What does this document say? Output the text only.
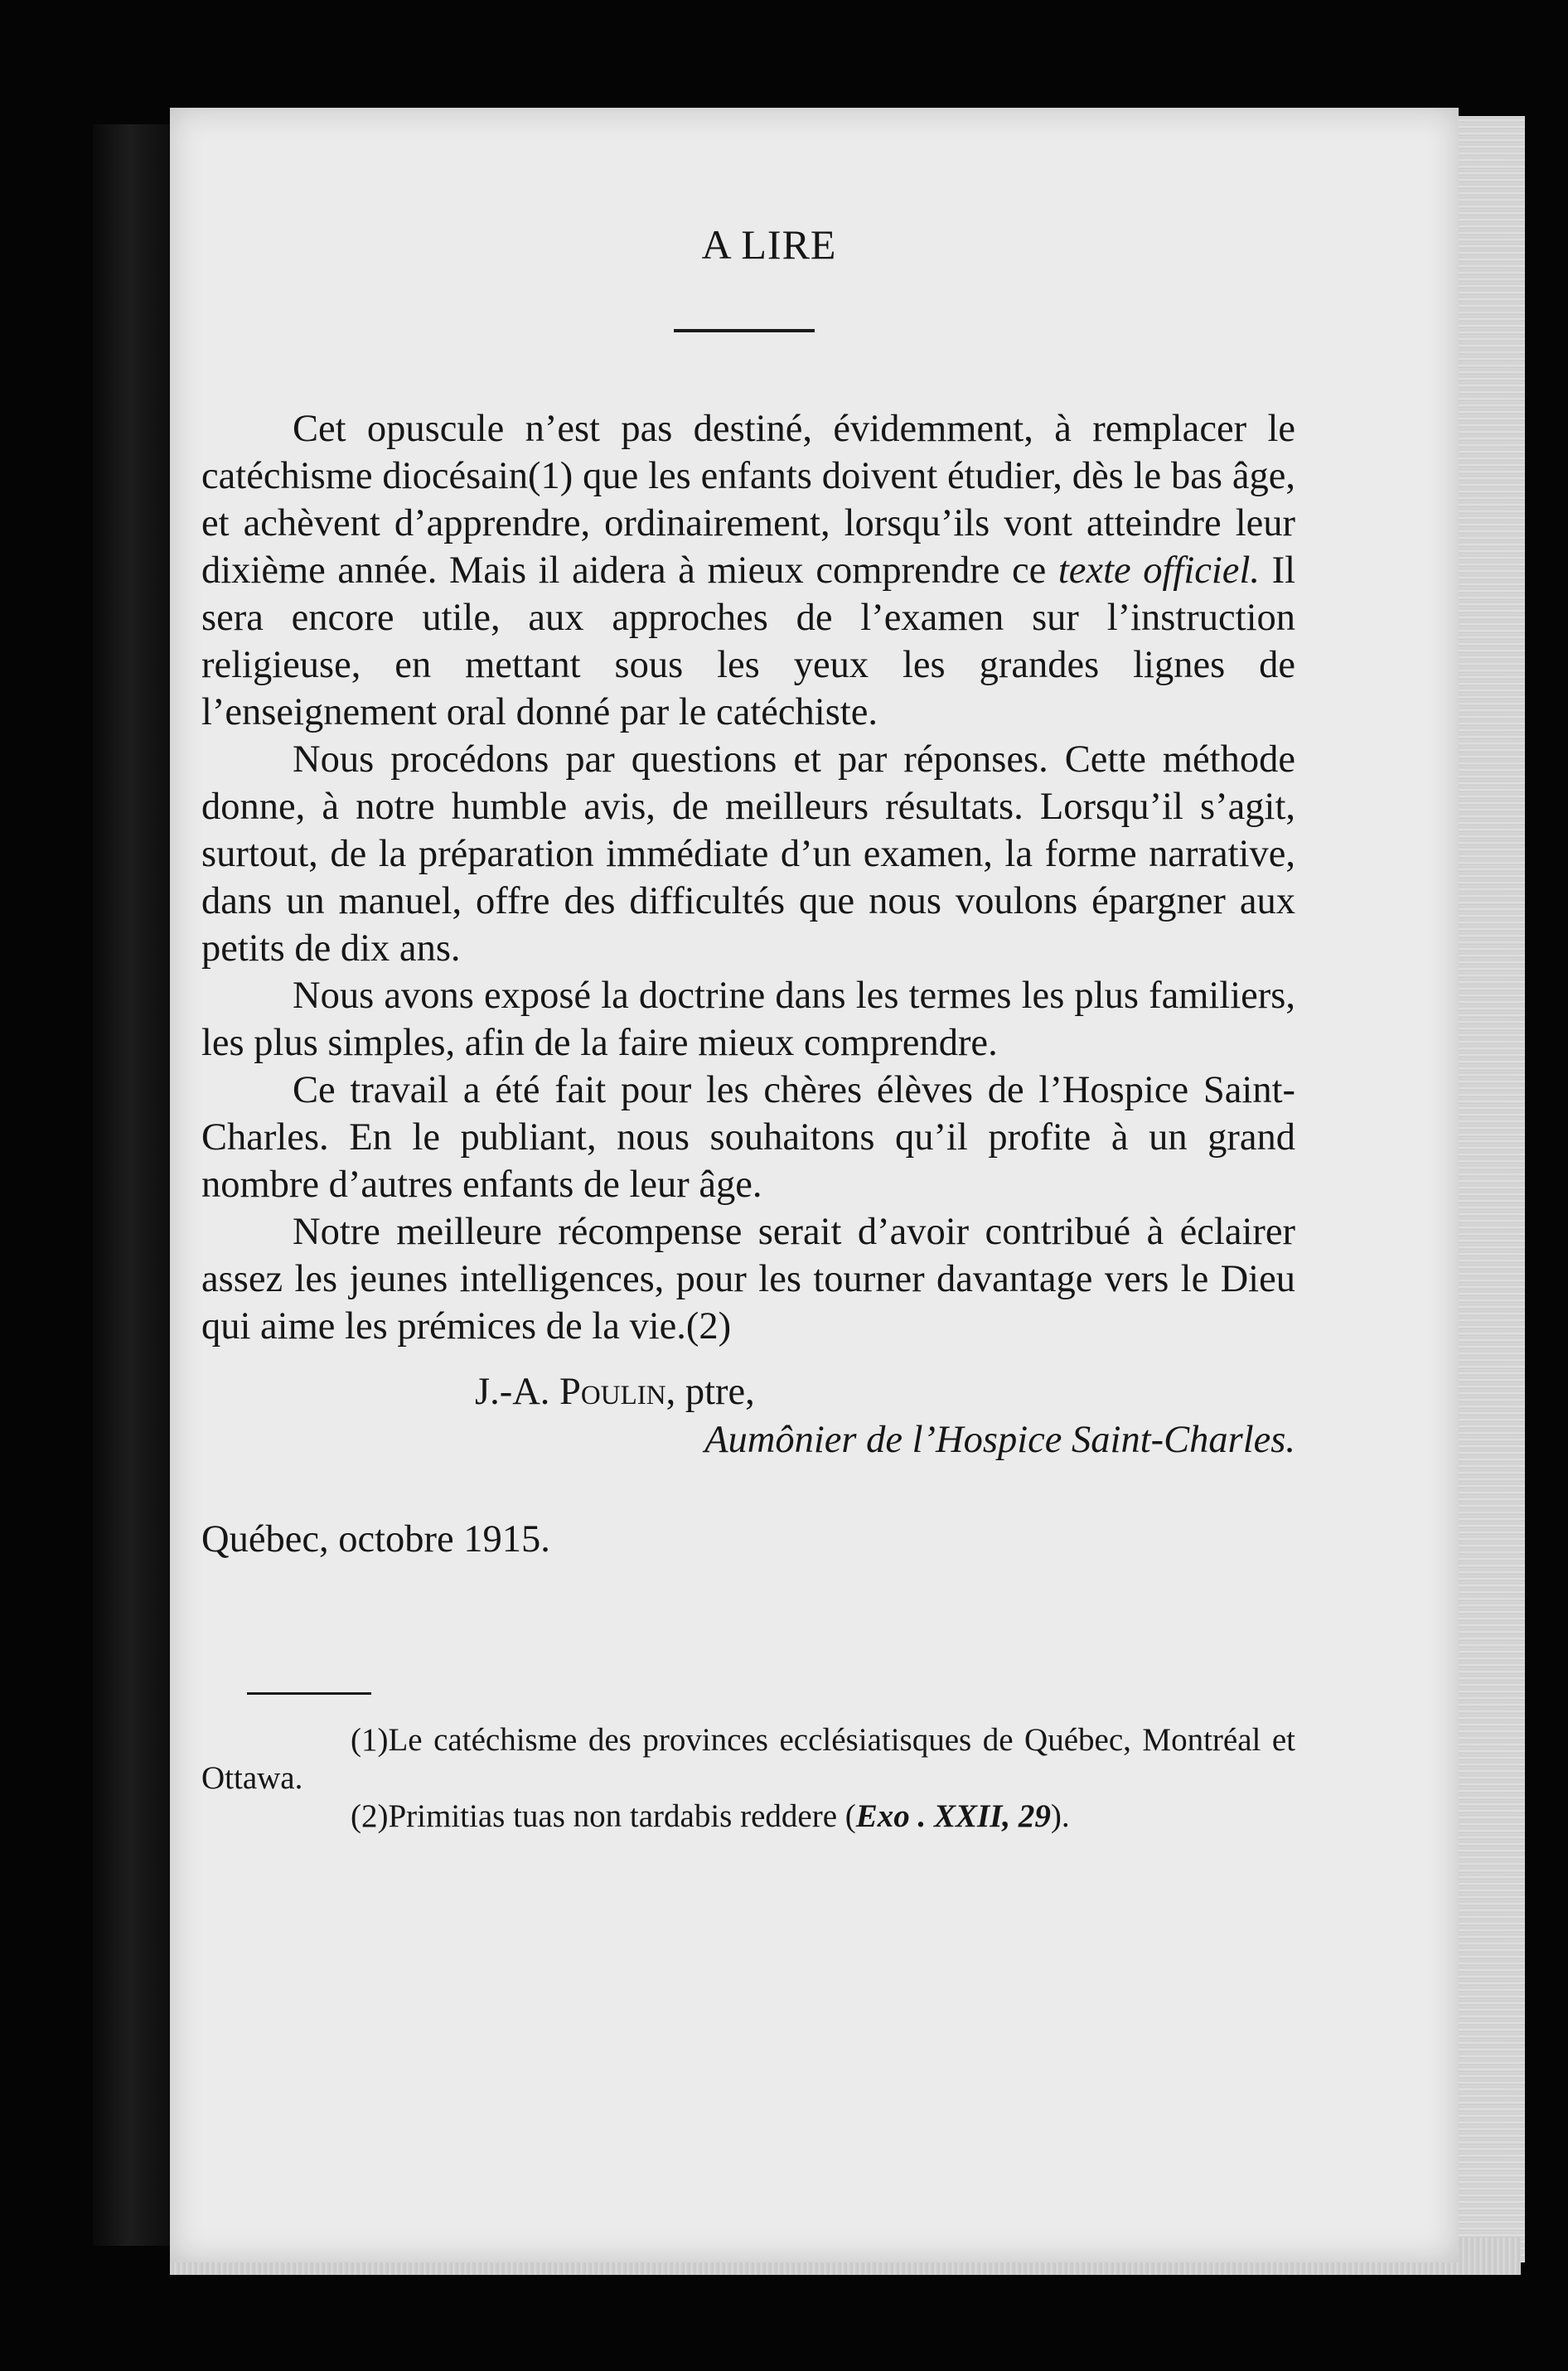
A LIRE

Cet opuscule n’est pas destiné, évidemment, à remplacer le catéchisme diocésain(1) que les enfants doivent étudier, dès le bas âge, et achèvent d’apprendre, ordinairement, lorsqu’ils vont atteindre leur dixième année. Mais il aidera à mieux comprendre ce texte officiel. Il sera encore utile, aux approches de l’examen sur l’instruction religieuse, en mettant sous les yeux les grandes lignes de l’enseignement oral donné par le catéchiste.

Nous procédons par questions et par réponses. Cette méthode donne, à notre humble avis, de meilleurs résultats. Lorsqu’il s’agit, surtout, de la préparation immédiate d’un examen, la forme narrative, dans un manuel, offre des difficultés que nous voulons épargner aux petits de dix ans.

Nous avons exposé la doctrine dans les termes les plus familiers, les plus simples, afin de la faire mieux comprendre.

Ce travail a été fait pour les chères élèves de l’Hospice Saint-Charles. En le publiant, nous souhaitons qu’il profite à un grand nombre d’autres enfants de leur âge.

Notre meilleure récompense serait d’avoir contribué à éclairer assez les jeunes intelligences, pour les tourner davantage vers le Dieu qui aime les prémices de la vie.(2)

J.-A. Poulin, ptre,
Aumônier de l’Hospice Saint-Charles.
Québec, octobre 1915.

(1)Le catéchisme des provinces ecclésiatisques de Québec, Montréal et Ottawa.

(2)Primitias tuas non tardabis reddere (Exo . XXII, 29).
